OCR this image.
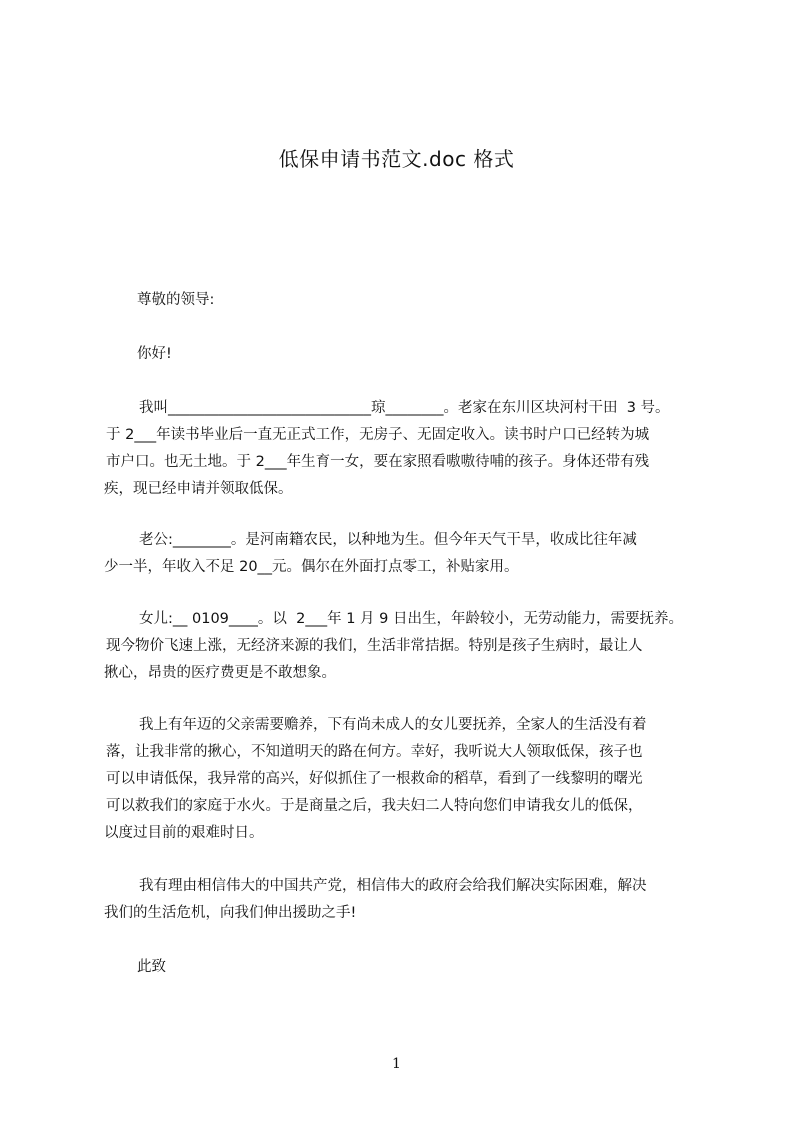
低保申请书范文.doc 格式
尊敬的领导:
你好!
我叫____________________________琼________。老家在东川区块河村干田  3 号。
于 2___年读书毕业后一直无正式工作，无房子、无固定收入。读书时户口已经转为城
市户口。也无土地。于 2___年生育一女，要在家照看嗷嗷待哺的孩子。身体还带有残
疾，现已经申请并领取低保。
老公:________。是河南籍农民，以种地为生。但今年天气干旱，收成比往年减
少一半，年收入不足 20__元。偶尔在外面打点零工，补贴家用。
女儿:__ 0109____。以  2___年 1 月 9 日出生，年龄较小，无劳动能力，需要抚养。
现今物价飞速上涨，无经济来源的我们，生活非常拮据。特别是孩子生病时，最让人
揪心，昂贵的医疗费更是不敢想象。
我上有年迈的父亲需要赡养，下有尚未成人的女儿要抚养，全家人的生活没有着
落，让我非常的揪心，不知道明天的路在何方。幸好，我听说大人领取低保，孩子也
可以申请低保，我异常的高兴，好似抓住了一根救命的稻草，看到了一线黎明的曙光
可以救我们的家庭于水火。于是商量之后，我夫妇二人特向您们申请我女儿的低保，
以度过目前的艰难时日。
我有理由相信伟大的中国共产党，相信伟大的政府会给我们解决实际困难，解决
我们的生活危机，向我们伸出援助之手!
此致
1
